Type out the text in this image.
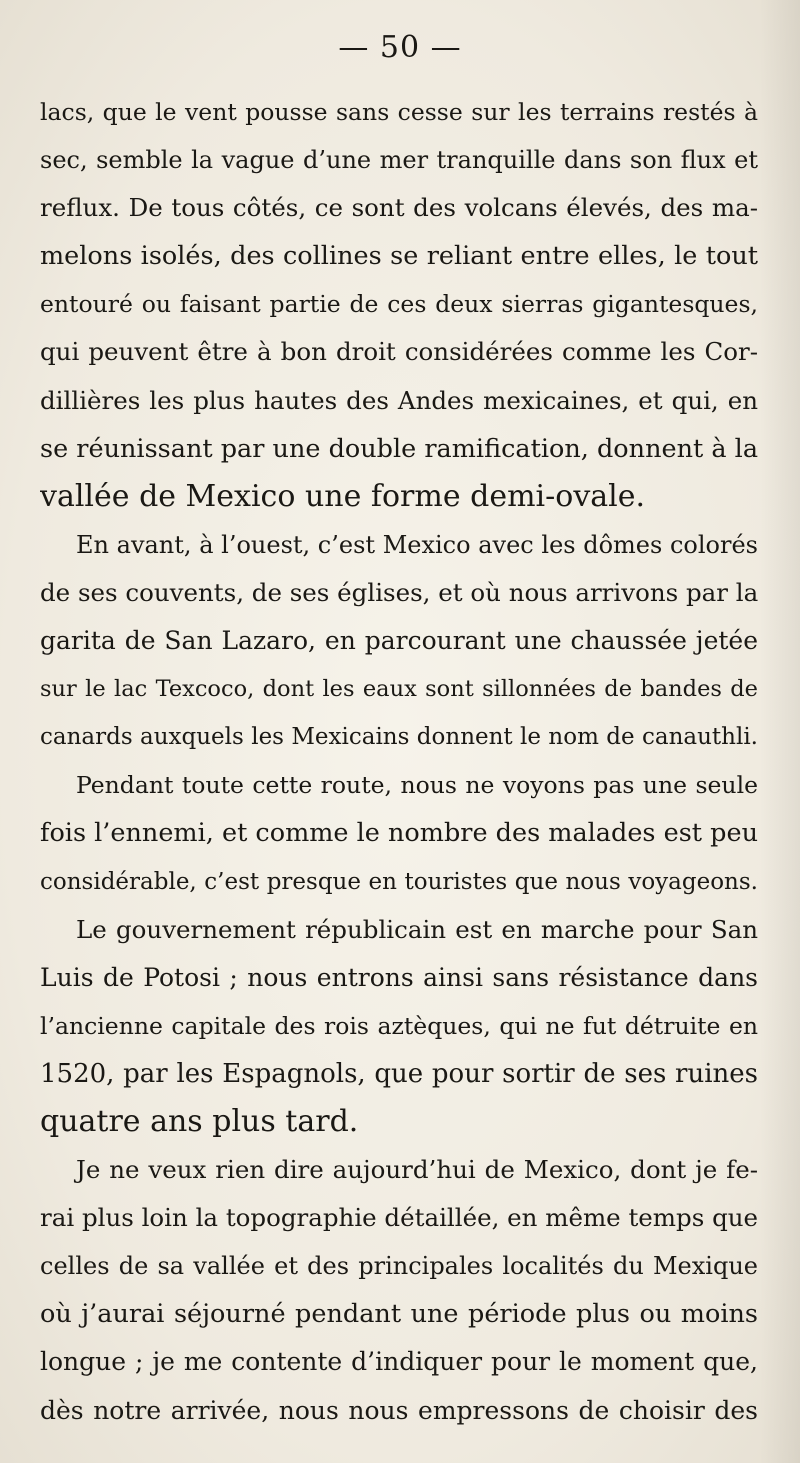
— 50 —
lacs, que le vent pousse sans cesse sur les terrains restés à
sec, semble la vague d’une mer tranquille dans son flux et
reflux. De tous côtés, ce sont des volcans élevés, des ma-
melons isolés, des collines se reliant entre elles, le tout
entouré ou faisant partie de ces deux sierras gigantesques,
qui peuvent être à bon droit considérées comme les Cor-
dillières les plus hautes des Andes mexicaines, et qui, en
se réunissant par une double ramification, donnent à la
vallée de Mexico une forme demi-ovale.
En avant, à l’ouest, c’est Mexico avec les dômes colorés
de ses couvents, de ses églises, et où nous arrivons par la
garita de San Lazaro, en parcourant une chaussée jetée
sur le lac Texcoco, dont les eaux sont sillonnées de bandes de
canards auxquels les Mexicains donnent le nom de canauthli.
Pendant toute cette route, nous ne voyons pas une seule
fois l’ennemi, et comme le nombre des malades est peu
considérable, c’est presque en touristes que nous voyageons.
Le gouvernement républicain est en marche pour San
Luis de Potosi ; nous entrons ainsi sans résistance dans
l’ancienne capitale des rois aztèques, qui ne fut détruite en
1520, par les Espagnols, que pour sortir de ses ruines
quatre ans plus tard.
Je ne veux rien dire aujourd’hui de Mexico, dont je fe-
rai plus loin la topographie détaillée, en même temps que
celles de sa vallée et des principales localités du Mexique
où j’aurai séjourné pendant une période plus ou moins
longue ; je me contente d’indiquer pour le moment que,
dès notre arrivée, nous nous empressons de choisir des
